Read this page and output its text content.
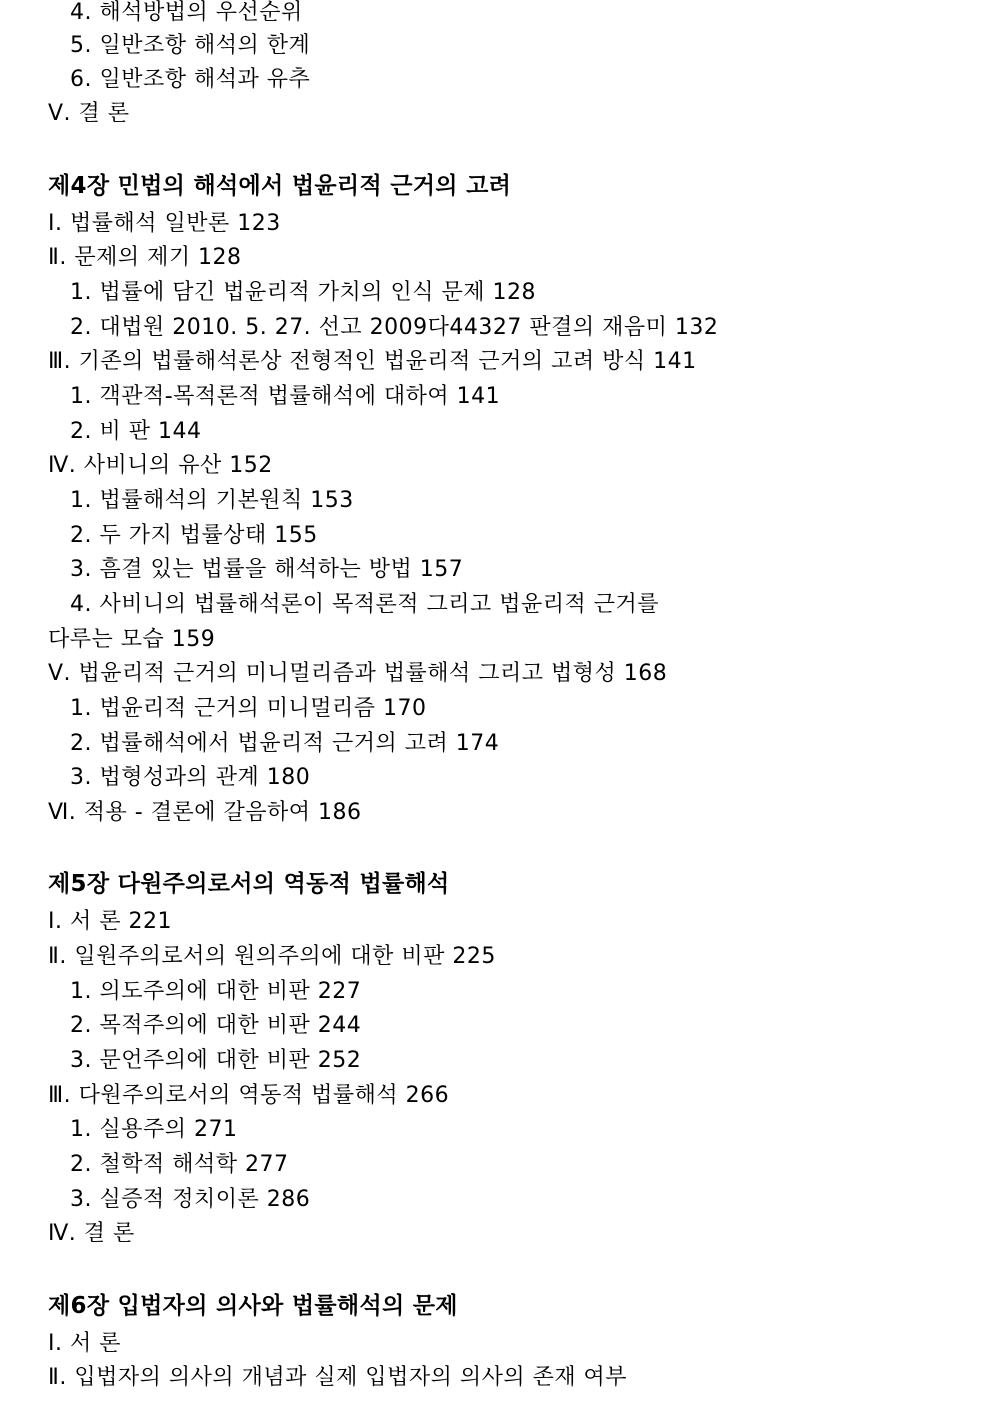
4. 해석방법의 우선순위
5. 일반조항 해석의 한계
6. 일반조항 해석과 유추
Ⅴ. 결 론
제4장 민법의 해석에서 법윤리적 근거의 고려
Ⅰ. 법률해석 일반론 123
Ⅱ. 문제의 제기 128
1. 법률에 담긴 법윤리적 가치의 인식 문제 128
2. 대법원 2010. 5. 27. 선고 2009다44327 판결의 재음미 132
Ⅲ. 기존의 법률해석론상 전형적인 법윤리적 근거의 고려 방식 141
1. 객관적-목적론적 법률해석에 대하여 141
2. 비 판 144
Ⅳ. 사비니의 유산 152
1. 법률해석의 기본원칙 153
2. 두 가지 법률상태 155
3. 흠결 있는 법률을 해석하는 방법 157
4. 사비니의 법률해석론이 목적론적 그리고 법윤리적 근거를
다루는 모습 159
Ⅴ. 법윤리적 근거의 미니멀리즘과 법률해석 그리고 법형성 168
1. 법윤리적 근거의 미니멀리즘 170
2. 법률해석에서 법윤리적 근거의 고려 174
3. 법형성과의 관계 180
Ⅵ. 적용 - 결론에 갈음하여 186
제5장 다원주의로서의 역동적 법률해석
Ⅰ. 서 론 221
Ⅱ. 일원주의로서의 원의주의에 대한 비판 225
1. 의도주의에 대한 비판 227
2. 목적주의에 대한 비판 244
3. 문언주의에 대한 비판 252
Ⅲ. 다원주의로서의 역동적 법률해석 266
1. 실용주의 271
2. 철학적 해석학 277
3. 실증적 정치이론 286
Ⅳ. 결 론
제6장 입법자의 의사와 법률해석의 문제
Ⅰ. 서 론
Ⅱ. 입법자의 의사의 개념과 실제 입법자의 의사의 존재 여부
